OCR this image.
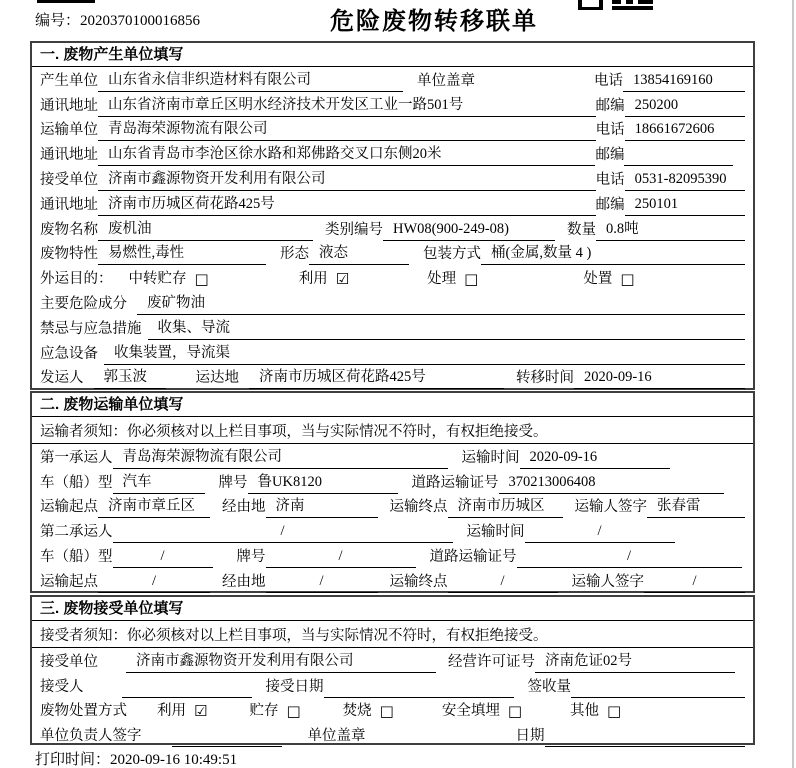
编号：2020370100016856	危险废物转移联单
一. 废物产生单位填写
产生单位 山东省永信非织造材料有限公司	单位盖章	电话 13854169160
通讯地址 山东省济南市章丘区明水经济技术开发区工业一路501号	邮编 250200
运输单位 青岛海荣源物流有限公司	电话 18661672606
通讯地址 山东省青岛市李沧区徐水路和郑佛路交叉口东侧20米	邮编
接受单位 济南市鑫源物资开发利用有限公司	电话 0531-82095390
通讯地址 济南市历城区荷花路425号	邮编 250101
废物名称 废机油	类别编号 HW08(900-249-08)	数量 0.8吨
废物特性 易燃性,毒性	形态 液态	包装方式 桶(金属,数量 4 )
外运目的： 中转贮存 □	利用 ☑	处理 □	处置 □
主要危险成分	废矿物油
禁忌与应急措施	收集、导流
应急设备	收集装置，导流渠
发运人	郭玉波	运达地	济南市历城区荷花路425号	转移时间 2020-09-16
二. 废物运输单位填写
运输者须知： 你必须核对以上栏目事项，当与实际情况不符时，有权拒绝接受。
第一承运人 青岛海荣源物流有限公司	运输时间 2020-09-16
车（船）型 汽车	牌号 鲁UK8120	道路运输证号 370213006408
运输起点 济南市章丘区	经由地 济南	运输终点 济南市历城区	运输人签字 张春雷
第二承运人	/	运输时间	/
车（船）型	/	牌号	/	道路运输证号	/
运输起点	/	经由地	/	运输终点	/	运输人签字	/
三. 废物接受单位填写
接受者须知： 你必须核对以上栏目事项，当与实际情况不符时，有权拒绝接受。
接受单位	济南市鑫源物资开发利用有限公司	经营许可证号 济南危证02号
接受人	接受日期	签收量
废物处置方式 利用 ☑	贮存 □	焚烧 □	安全填埋 □	其他 □
单位负责人签字	单位盖章	日期
打印时间：2020-09-16 10:49:51
